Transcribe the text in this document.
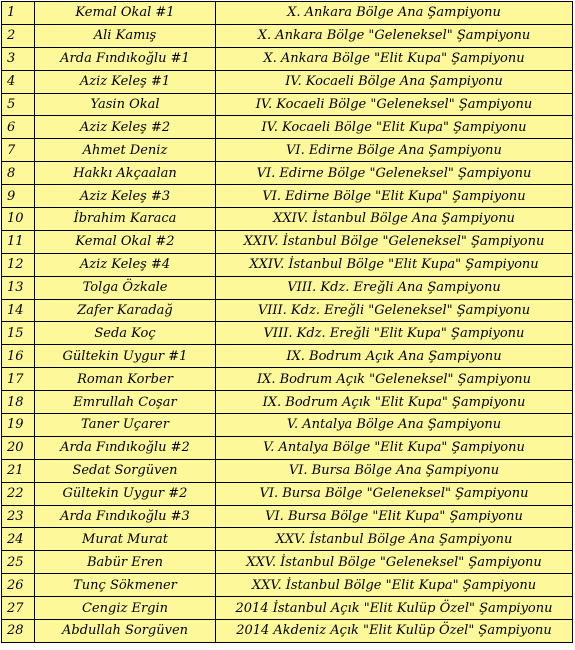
1	Kemal Okal #1	X. Ankara Bölge Ana Şampiyonu
2	Ali Kamış	X. Ankara Bölge "Geleneksel" Şampiyonu
3	Arda Fındıkoğlu #1	X. Ankara Bölge "Elit Kupa" Şampiyonu
4	Aziz Keleş #1	IV. Kocaeli Bölge Ana Şampiyonu
5	Yasin Okal	IV. Kocaeli Bölge "Geleneksel" Şampiyonu
6	Aziz Keleş #2	IV. Kocaeli Bölge "Elit Kupa" Şampiyonu
7	Ahmet Deniz	VI. Edirne Bölge Ana Şampiyonu
8	Hakkı Akçaalan	VI. Edirne Bölge "Geleneksel" Şampiyonu
9	Aziz Keleş #3	VI. Edirne Bölge "Elit Kupa" Şampiyonu
10	İbrahim Karaca	XXIV. İstanbul Bölge Ana Şampiyonu
11	Kemal Okal #2	XXIV. İstanbul Bölge "Geleneksel" Şampiyonu
12	Aziz Keleş #4	XXIV. İstanbul Bölge "Elit Kupa" Şampiyonu
13	Tolga Özkale	VIII. Kdz. Ereğli Ana Şampiyonu
14	Zafer Karadağ	VIII. Kdz. Ereğli "Geleneksel" Şampiyonu
15	Seda Koç	VIII. Kdz. Ereğli "Elit Kupa" Şampiyonu
16	Gültekin Uygur #1	IX. Bodrum Açık Ana Şampiyonu
17	Roman Korber	IX. Bodrum Açık "Geleneksel" Şampiyonu
18	Emrullah Coşar	IX. Bodrum Açık "Elit Kupa" Şampiyonu
19	Taner Uçarer	V. Antalya Bölge Ana Şampiyonu
20	Arda Fındıkoğlu #2	V. Antalya Bölge "Elit Kupa" Şampiyonu
21	Sedat Sorgüven	VI. Bursa Bölge Ana Şampiyonu
22	Gültekin Uygur #2	VI. Bursa Bölge "Geleneksel" Şampiyonu
23	Arda Fındıkoğlu #3	VI. Bursa Bölge "Elit Kupa" Şampiyonu
24	Murat Murat	XXV. İstanbul Bölge Ana Şampiyonu
25	Babür Eren	XXV. İstanbul Bölge "Geleneksel" Şampiyonu
26	Tunç Sökmener	XXV. İstanbul Bölge "Elit Kupa" Şampiyonu
27	Cengiz Ergin	2014 İstanbul Açık "Elit Kulüp Özel" Şampiyonu
28	Abdullah Sorgüven	2014 Akdeniz Açık "Elit Kulüp Özel" Şampiyonu
